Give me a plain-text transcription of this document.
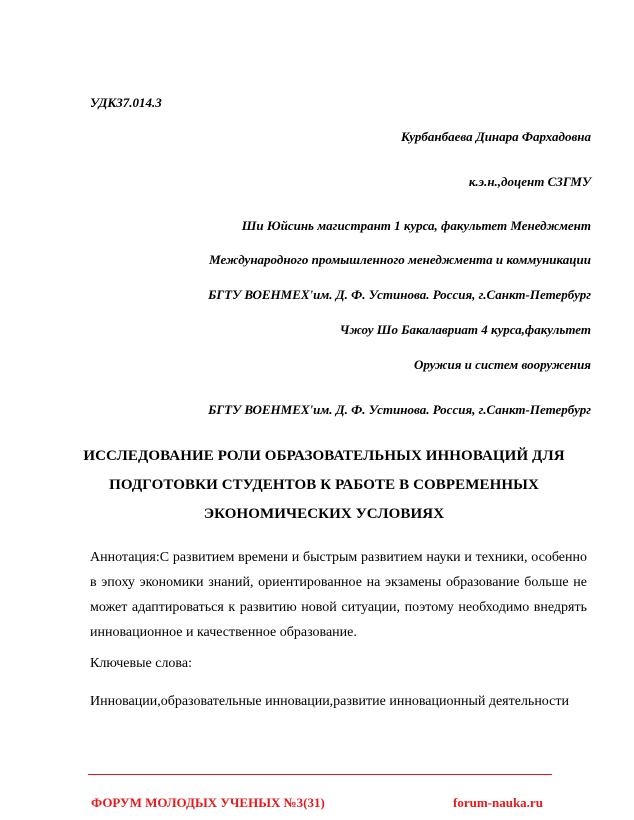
УДК37.014.3
Курбанбаева Динара Фархадовна
к.э.н.,доцент СЗГМУ
Ши Юйсинь магистрант 1 курса, факультет Менеджмент
Международного промышленного менеджмента и коммуникации
БГТУ ВОЕНМЕХ'им. Д. Ф. Устинова. Россия, г.Санкт-Петербург
Чжоу Шо Бакалавриат 4 курса,факультет
Оружия и систем вооружения
БГТУ ВОЕНМЕХ'им. Д. Ф. Устинова. Россия, г.Санкт-Петербург
ИССЛЕДОВАНИЕ РОЛИ ОБРАЗОВАТЕЛЬНЫХ ИННОВАЦИЙ ДЛЯ
ПОДГОТОВКИ СТУДЕНТОВ К РАБОТЕ В СОВРЕМЕННЫХ
ЭКОНОМИЧЕСКИХ УСЛОВИЯХ
Аннотация:С развитием времени и быстрым развитием науки и техники, особенно в эпоху экономики знаний, ориентированное на экзамены образование больше не может адаптироваться к развитию новой ситуации, поэтому необходимо внедрять инновационное и качественное образование.
Ключевые слова:
Инновации,образовательные инновации,развитие инновационный деятельности
ФОРУМ МОЛОДЫХ УЧЕНЫХ №3(31)	forum-nauka.ru
